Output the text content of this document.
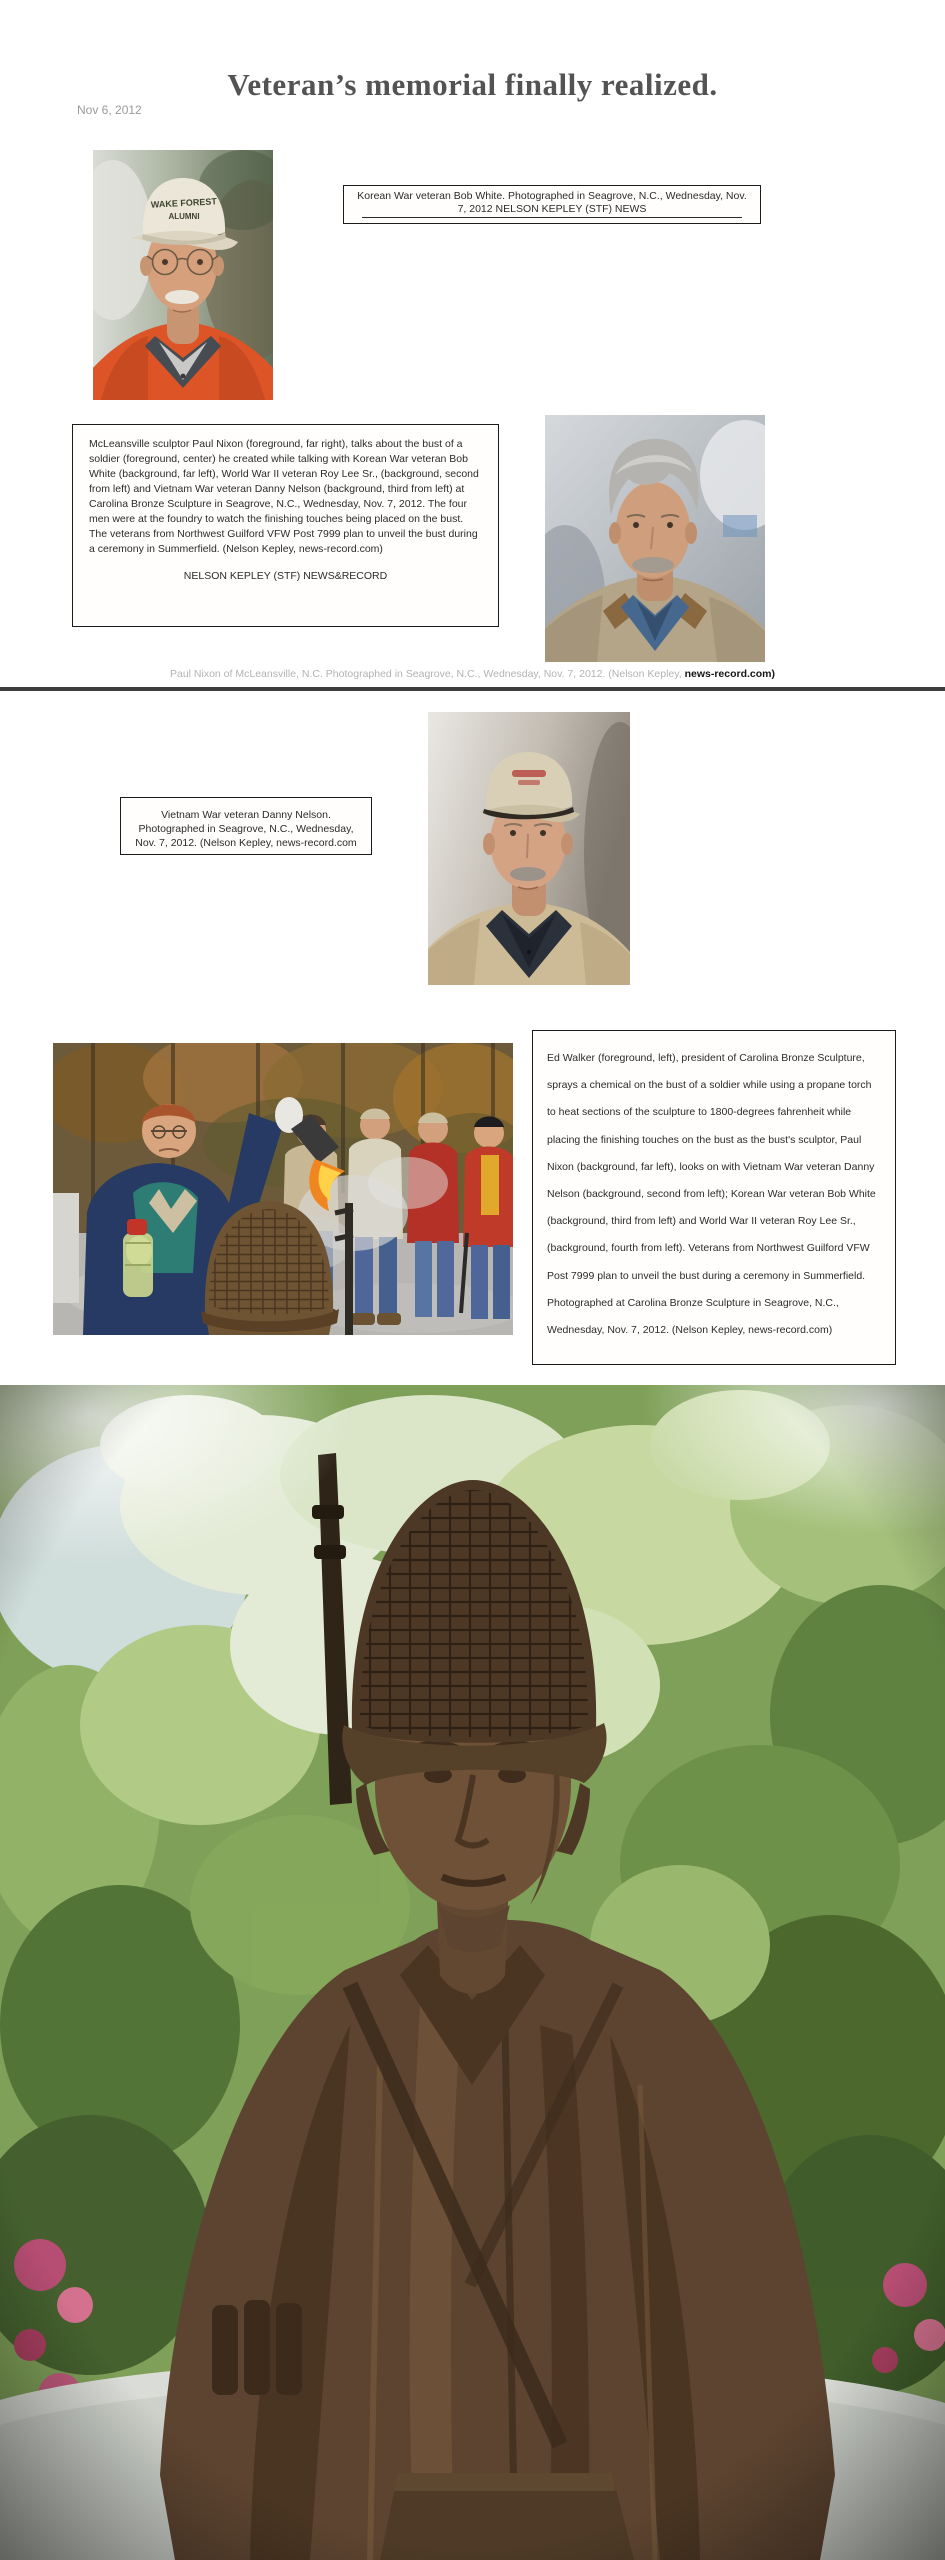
Veteran’s memorial finally realized.
Nov 6, 2012
WAKE FOREST
ALUMNI
Korean War veteran Bob White. Photographed in Seagrove, N.C., Wednesday, Nov. 7, 2012 NELSON KEPLEY (STF) NEWS
McLeansville sculptor Paul Nixon (foreground, far right), talks about the bust of a soldier (foreground, center) he created while talking with Korean War veteran Bob White (background, far left), World War II veteran Roy Lee Sr., (background, second from left) and Vietnam War veteran Danny Nelson (background, third from left) at Carolina Bronze Sculpture in Seagrove, N.C., Wednesday, Nov. 7, 2012. The four men were at the foundry to watch the finishing touches being placed on the bust. The veterans from Northwest Guilford VFW Post 7999 plan to unveil the bust during a ceremony in Summerfield. (Nelson Kepley, news-record.com)
NELSON KEPLEY (STF) NEWS&RECORD
Paul Nixon of McLeansville, N.C. Photographed in Seagrove, N.C., Wednesday, Nov. 7, 2012. (Nelson Kepley, news-record.com)
Vietnam War veteran Danny Nelson. Photographed in Seagrove, N.C., Wednesday, Nov. 7, 2012. (Nelson Kepley, news-record.com
Ed Walker (foreground, left), president of Carolina Bronze Sculpture, sprays a chemical on the bust of a soldier while using a propane torch to heat sections of the sculpture to 1800-degrees fahrenheit while placing the finishing touches on the bust as the bust's sculptor, Paul Nixon (background, far left), looks on with Vietnam War veteran Danny Nelson (background, second from left); Korean War veteran Bob White (background, third from left) and World War II veteran Roy Lee Sr., (background, fourth from left). Veterans from Northwest Guilford VFW Post 7999 plan to unveil the bust during a ceremony in Summerfield. Photographed at Carolina Bronze Sculpture in Seagrove, N.C., Wednesday, Nov. 7, 2012. (Nelson Kepley, news-record.com)
